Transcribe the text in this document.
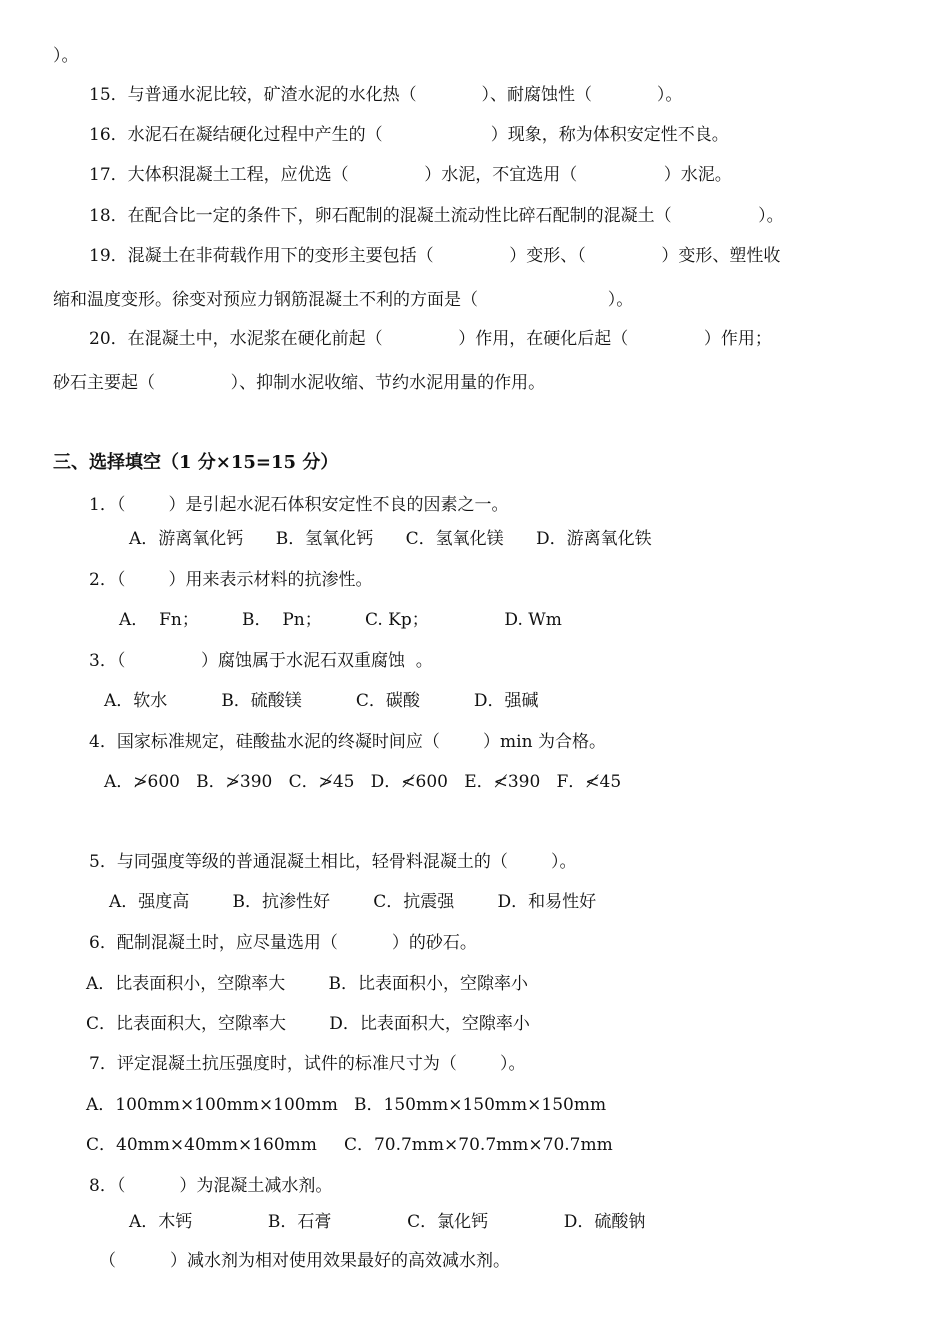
）。
15．与普通水泥比较，矿渣水泥的水化热（            ）、耐腐蚀性（            ）。
16．水泥石在凝结硬化过程中产生的（                    ）现象，称为体积安定性不良。
17．大体积混凝土工程，应优选（              ）水泥，不宜选用（                ）水泥。
18．在配合比一定的条件下，卵石配制的混凝土流动性比碎石配制的混凝土（                ）。
19．混凝土在非荷载作用下的变形主要包括（              ）变形、（              ）变形、塑性收
缩和温度变形。徐变对预应力钢筋混凝土不利的方面是（                        ）。
20．在混凝土中，水泥浆在硬化前起（              ）作用，在硬化后起（              ）作用；
砂石主要起（              ）、抑制水泥收缩、节约水泥用量的作用。
三、选择填空（1 分×15=15 分）
1．（        ）是引起水泥石体积安定性不良的因素之一。
A．游离氧化钙      B．氢氧化钙      C．氢氧化镁      D．游离氧化铁
2．（        ）用来表示材料的抗渗性。
A．  Fn；        B．  Pn；        C. Kp；              D. Wm
3．（              ）腐蚀属于水泥石双重腐蚀  。
A．软水          B．硫酸镁          C．碳酸          D．强碱
4．国家标准规定，硅酸盐水泥的终凝时间应（        ）min 为合格。
A．≯600   B．≯390   C．≯45   D．≮600   E．≮390   F．≮45
5．与同强度等级的普通混凝土相比，轻骨料混凝土的（        ）。
A．强度高        B．抗渗性好        C．抗震强        D．和易性好
6．配制混凝土时，应尽量选用（          ）的砂石。
A．比表面积小，空隙率大        B．比表面积小，空隙率小
C．比表面积大，空隙率大        D．比表面积大，空隙率小
7．评定混凝土抗压强度时，试件的标准尺寸为（        ）。
A．100mm×100mm×100mm   B．150mm×150mm×150mm
C．40mm×40mm×160mm     C．70.7mm×70.7mm×70.7mm
8．（          ）为混凝土减水剂。
A．木钙              B．石膏              C．氯化钙              D．硫酸钠
（          ）减水剂为相对使用效果最好的高效减水剂。
